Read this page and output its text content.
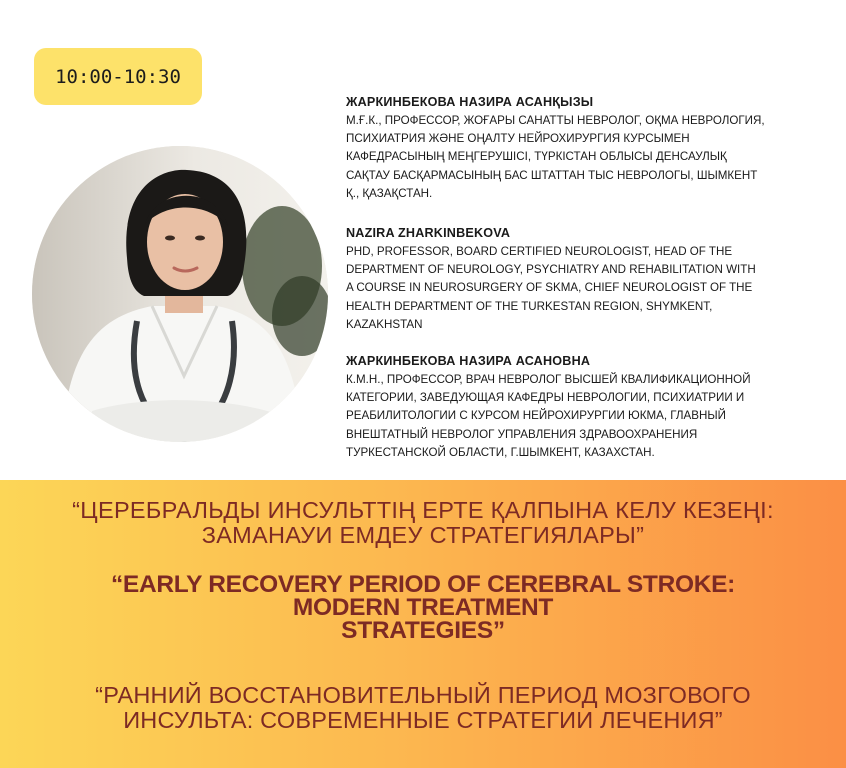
10:00-10:30
ЖАРКИНБЕКОВА НАЗИРА АСАНҚЫЗЫ
М.Ғ.К., ПРОФЕССОР, ЖОҒАРЫ САНАТТЫ НЕВРОЛОГ, ОҚМА НЕВРОЛОГИЯ,
ПСИХИАТРИЯ ЖӘНЕ ОҢАЛТУ НЕЙРОХИРУРГИЯ КУРСЫМЕН
КАФЕДРАСЫНЫҢ МЕҢГЕРУШІСІ, ТҮРКІСТАН ОБЛЫСЫ ДЕНСАУЛЫҚ
САҚТАУ БАСҚАРМАСЫНЫҢ БАС ШТАТТАН ТЫС НЕВРОЛОГЫ, ШЫМКЕНТ
Қ., ҚАЗАҚСТАН.
NAZIRA ZHARKINBEKOVA
PHD, PROFESSOR, BOARD CERTIFIED NEUROLOGIST, HEAD OF THE
DEPARTMENT OF NEUROLOGY, PSYCHIATRY AND REHABILITATION WITH
A COURSE IN NEUROSURGERY OF SKMA, CHIEF NEUROLOGIST OF THE
HEALTH DEPARTMENT OF THE TURKESTAN REGION, SHYMKENT,
KAZAKHSTAN
ЖАРКИНБЕКОВА НАЗИРА АСАНОВНА
К.М.Н., ПРОФЕССОР, ВРАЧ НЕВРОЛОГ ВЫСШЕЙ КВАЛИФИКАЦИОННОЙ
КАТЕГОРИИ, ЗАВЕДУЮЩАЯ КАФЕДРЫ НЕВРОЛОГИИ, ПСИХИАТРИИ И
РЕАБИЛИТОЛОГИИ С КУРСОМ НЕЙРОХИРУРГИИ ЮКМА, ГЛАВНЫЙ
ВНЕШТАТНЫЙ НЕВРОЛОГ УПРАВЛЕНИЯ ЗДРАВООХРАНЕНИЯ
ТУРКЕСТАНСКОЙ ОБЛАСТИ, Г.ШЫМКЕНТ, КАЗАХСТАН.
“ЦЕРЕБРАЛЬДЫ ИНСУЛЬТТІҢ ЕРТЕ ҚАЛПЫНА КЕЛУ КЕЗЕҢІ:
ЗАМАНАУИ ЕМДЕУ СТРАТЕГИЯЛАРЫ”
“EARLY RECOVERY PERIOD OF CEREBRAL STROKE:
MODERN TREATMENT
STRATEGIES”
“РАННИЙ ВОССТАНОВИТЕЛЬНЫЙ ПЕРИОД МОЗГОВОГО
ИНСУЛЬТА: СОВРЕМЕННЫЕ СТРАТЕГИИ ЛЕЧЕНИЯ”
